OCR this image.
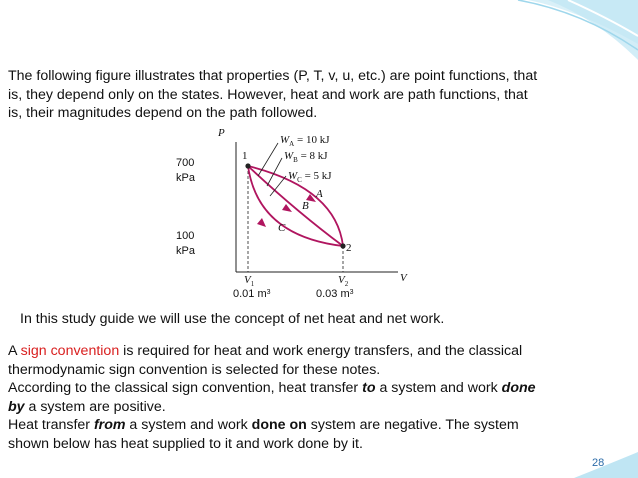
The following figure illustrates that properties (P, T, v, u, etc.) are point functions, that
is, they depend only on the states. However, heat and work are path functions, that
is, their magnitudes depend on the path followed.
P
V
700
kPa
100
kPa
1
2
A
B
C
$W_A = 10$ kJ
$W_B = 8$ kJ
$W_C = 5$ kJ
$V_1$	$V_2$
0.01 $m^3$	0.03 $m^3$
In this study guide we will use the concept of net heat and net work.
A sign convention is required for heat and work energy transfers, and the classical
thermodynamic sign convention is selected for these notes.
According to the classical sign convention, heat transfer to a system and work done
by a system are positive.
Heat transfer from a system and work done on system are negative. The system
shown below has heat supplied to it and work done by it.
28
